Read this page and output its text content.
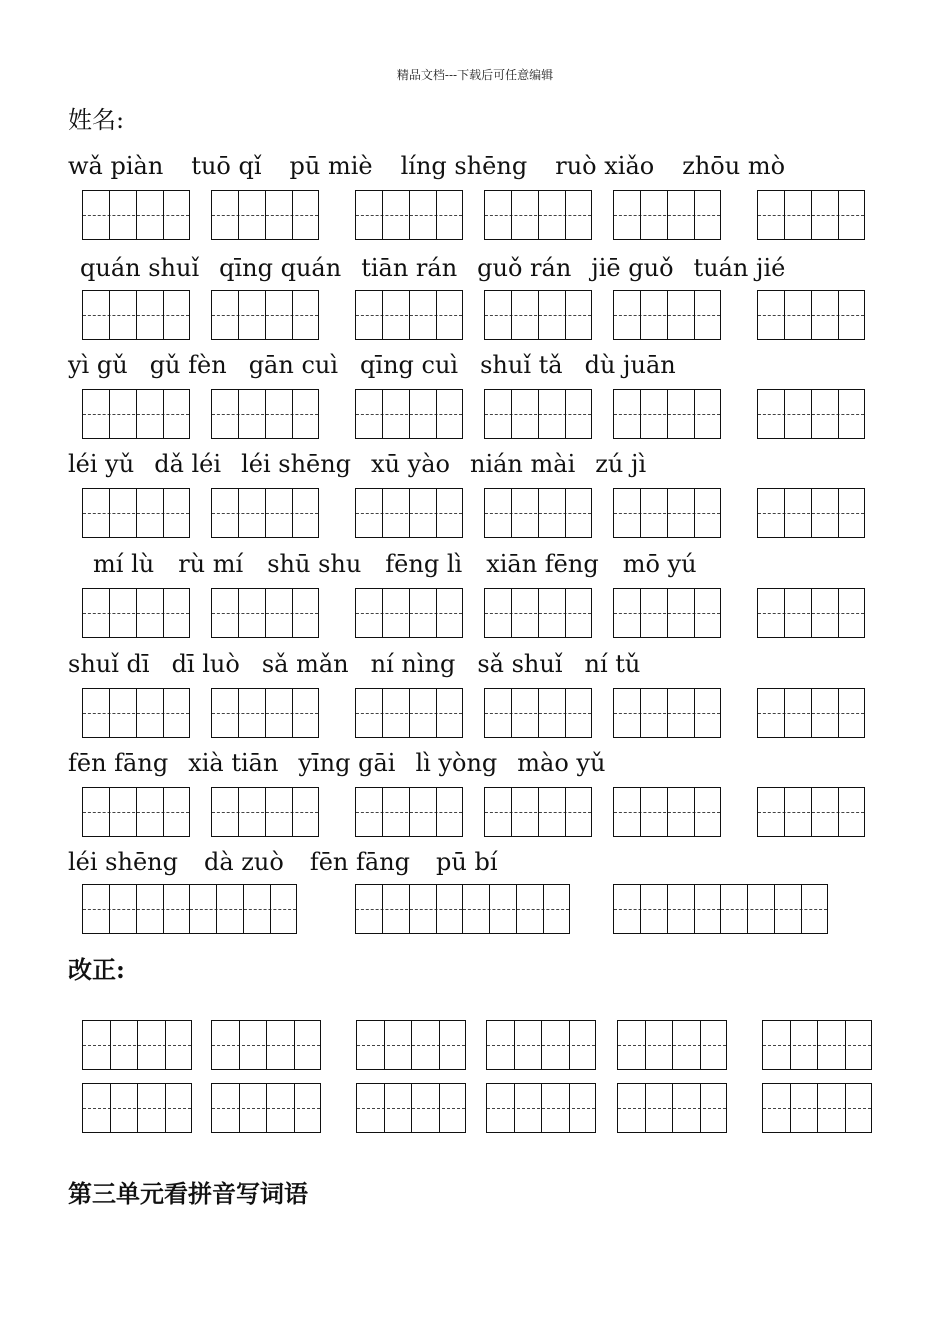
精品文档---下载后可任意编辑
姓名:
wǎ piàn tuō qǐ pū miè líng shēng ruò xiǎo zhōu mò
quán shuǐ qīng quán tiān rán guǒ rán jiē guǒ tuán jié
yì gǔ gǔ fèn gān cuì qīng cuì shuǐ tǎ dù juān
léi yǔ dǎ léi léi shēng xū yào nián mài zú jì
mí lù rù mí shū shu fēng lì xiān fēng mō yú
shuǐ dī dī luò sǎ mǎn ní nìng sǎ shuǐ ní tǔ
fēn fāng xià tiān yīng gāi lì yòng mào yǔ
léi shēng dà zuò fēn fāng pū bí
改正:
第三单元看拼音写词语
